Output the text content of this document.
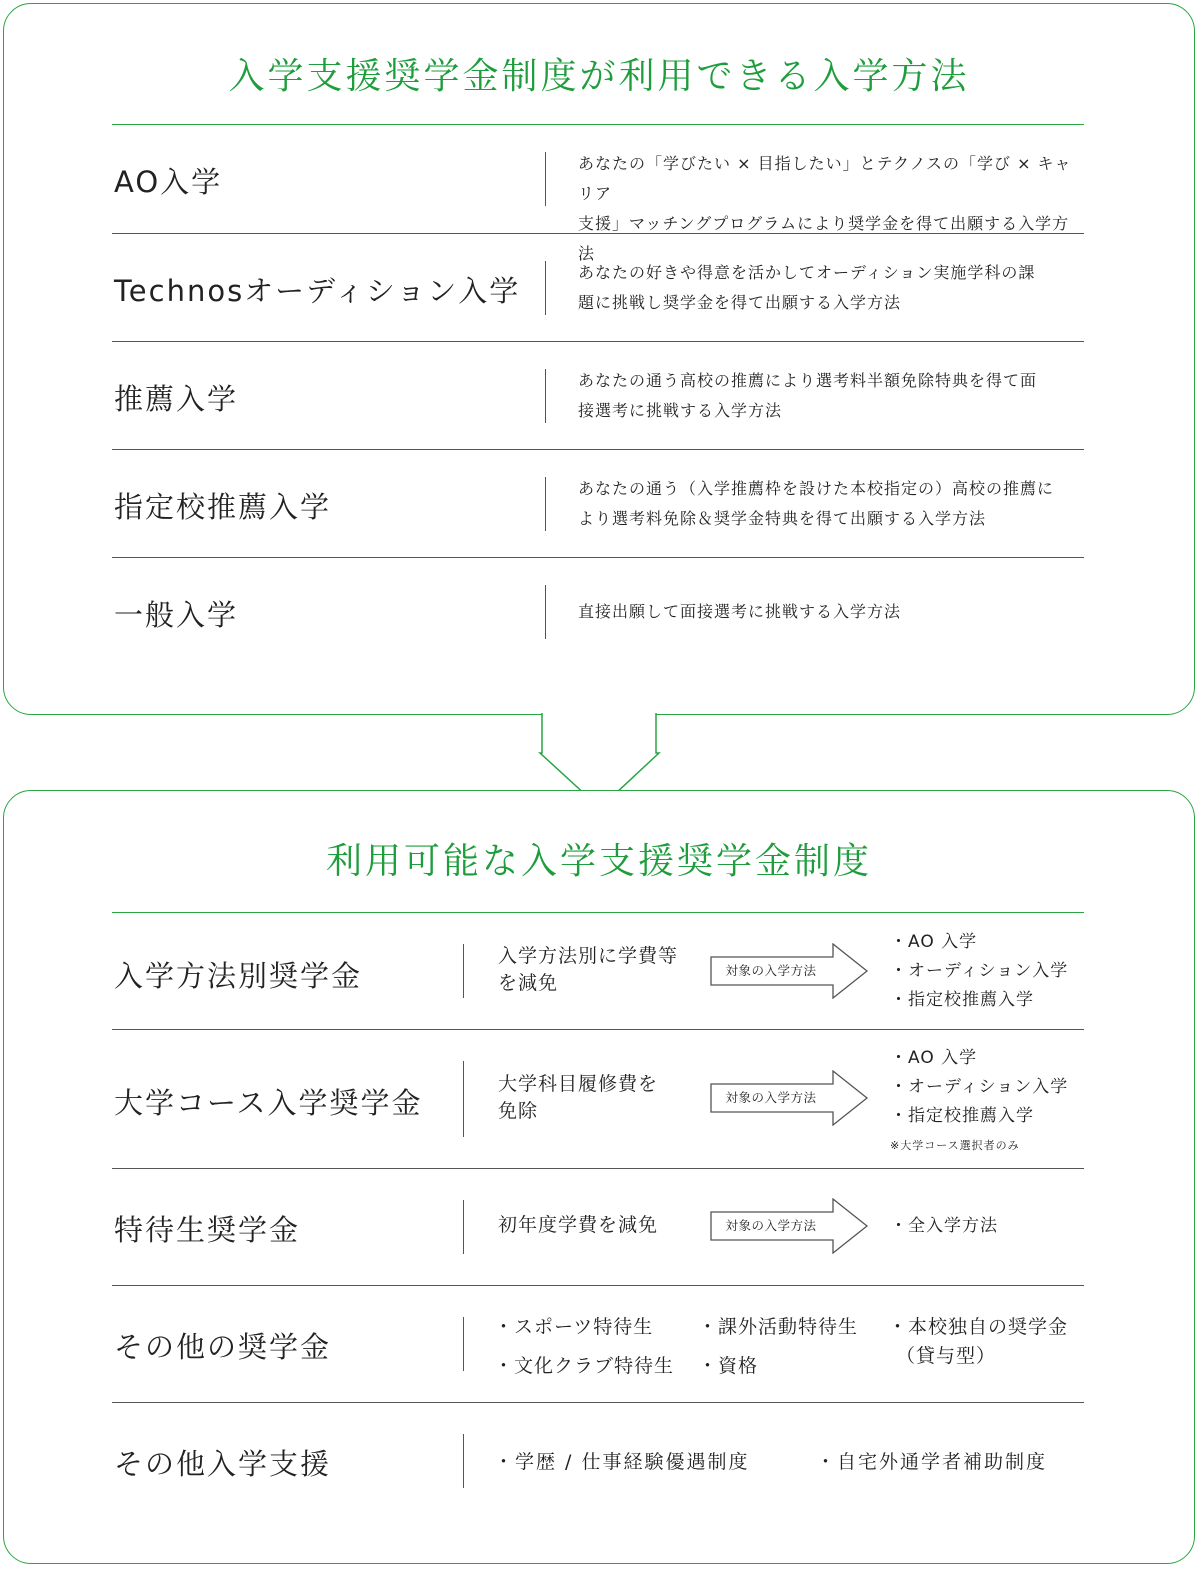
入学支援奨学金制度が利用できる入学方法
AO入学
あなたの「学びたい × 目指したい」とテクノスの「学び × キャリア
支援」マッチングプログラムにより奨学金を得て出願する入学方法
Technosオーディション入学
あなたの好きや得意を活かしてオーディション実施学科の課
題に挑戦し奨学金を得て出願する入学方法
推薦入学
あなたの通う高校の推薦により選考料半額免除特典を得て面
接選考に挑戦する入学方法
指定校推薦入学
あなたの通う（入学推薦枠を設けた本校指定の）高校の推薦に
より選考料免除＆奨学金特典を得て出願する入学方法
一般入学	直接出願して面接選考に挑戦する入学方法
利用可能な入学支援奨学金制度
入学方法別奨学金
入学方法別に学費等
を減免
対象の入学方法
・ AO 入学
・ オーディション入学
・ 指定校推薦入学
大学コース入学奨学金
大学科目履修費を
免除
対象の入学方法
・ AO 入学
・ オーディション入学
・ 指定校推薦入学
※大学コース選択者のみ
特待生奨学金	初年度学費を減免	対象の入学方法
・	全入学方法
その他の奨学金
・スポーツ特待生 ・課外活動特待生 ・本校独自の奨学金
（貸与型）
・文化クラブ特待生 ・資格
その他入学支援	・学歴 / 仕事経験優遇制度	・自宅外通学者補助制度
